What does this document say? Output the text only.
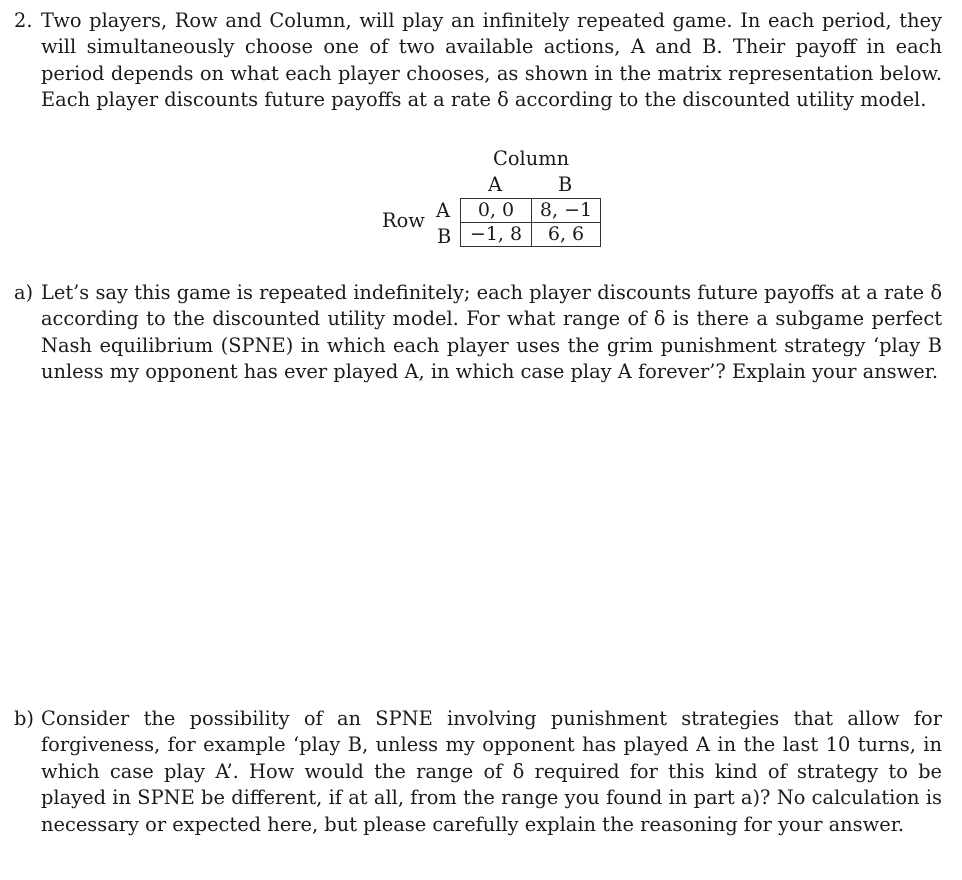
2. Two players, Row and Column, will play an infinitely repeated game. In each period, they will simultaneously choose one of two available actions, A and B. Their payoff in each period depends on what each player chooses, as shown in the matrix representation below. Each player discounts future payoffs at a rate δ according to the discounted utility model.
Column
A	B
Row A
B
0, 0	8, −1
−1, 8	6, 6
a) Let’s say this game is repeated indefinitely; each player discounts future payoffs at a rate δ according to the discounted utility model. For what range of δ is there a subgame perfect Nash equilibrium (SPNE) in which each player uses the grim punishment strategy ‘play B unless my opponent has ever played A, in which case play A forever’? Explain your answer.
b) Consider the possibility of an SPNE involving punishment strategies that allow for forgiveness, for example ‘play B, unless my opponent has played A in the last 10 turns, in which case play A’. How would the range of δ required for this kind of strategy to be played in SPNE be different, if at all, from the range you found in part a)? No calculation is necessary or expected here, but please carefully explain the reasoning for your answer.
